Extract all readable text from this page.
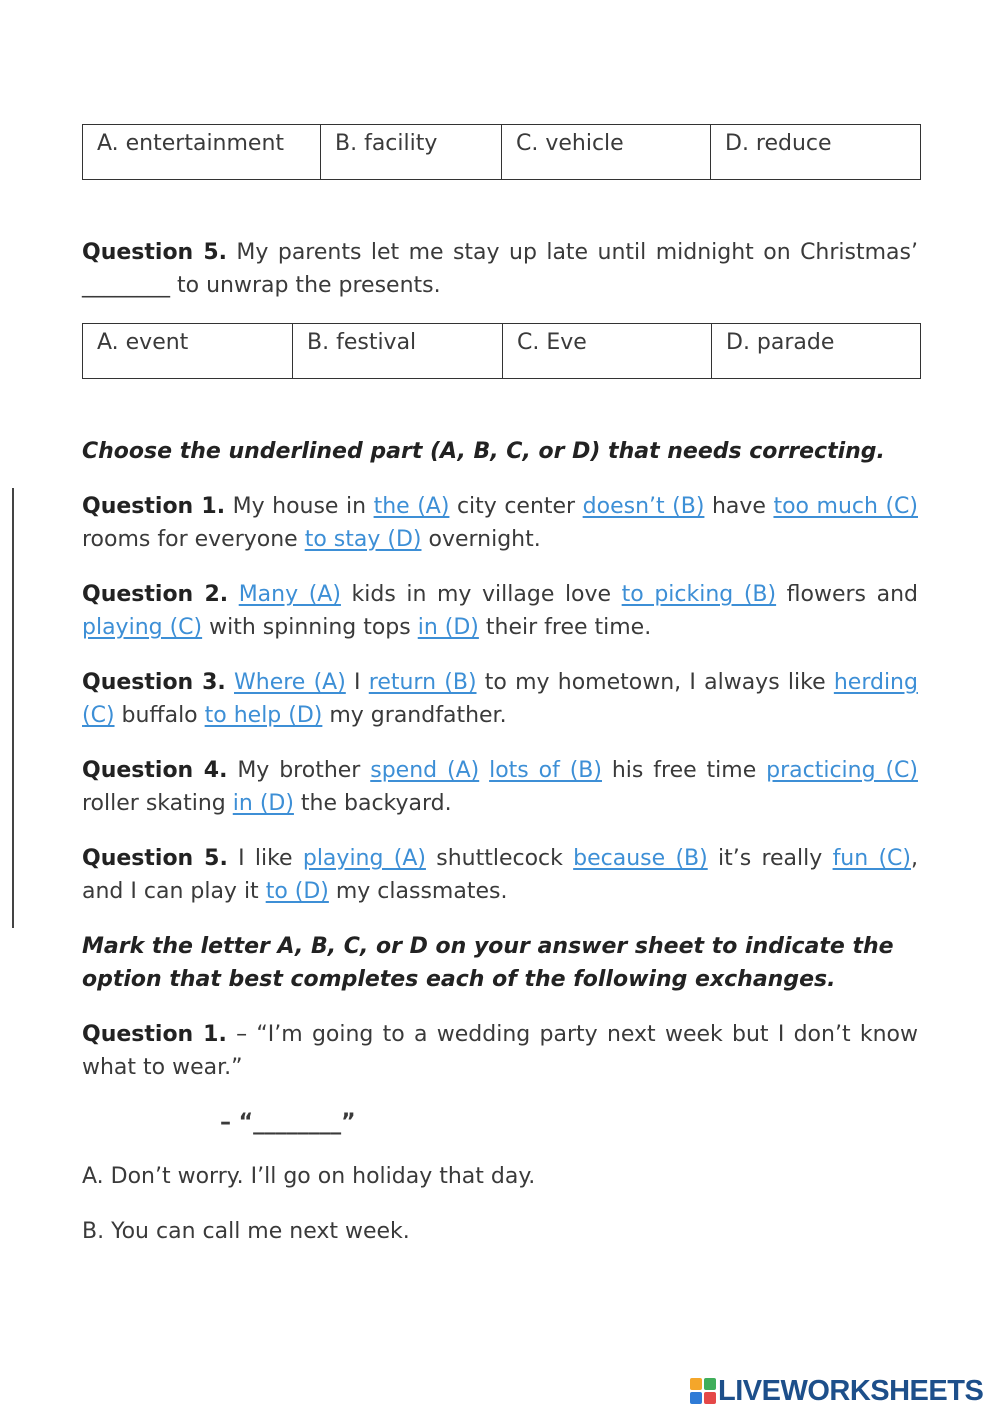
A. entertainment	B. facility	C. vehicle	D. reduce
Question 5. My parents let me stay up late until midnight on Christmas’ ________ to unwrap the presents.
A. event	B. festival	C. Eve	D. parade
Choose the underlined part (A, B, C, or D) that needs correcting.
Question 1. My house in the (A) city center doesn’t (B) have too much (C) rooms for everyone to stay (D) overnight.
Question 2. Many (A) kids in my village love to picking (B) flowers and playing (C) with spinning tops in (D) their free time.
Question 3. Where (A) I return (B) to my hometown, I always like herding (C) buffalo to help (D) my grandfather.
Question 4. My brother spend (A) lots of (B) his free time practicing (C) roller skating in (D) the backyard.
Question 5. I like playing (A) shuttlecock because (B) it’s really fun (C), and I can play it to (D) my classmates.
Mark the letter A, B, C, or D on your answer sheet to indicate the option that best completes each of the following exchanges.
Question 1. – “I’m going to a wedding party next week but I don’t know what to wear.”
– “________”
A. Don’t worry. I’ll go on holiday that day.
B. You can call me next week.
LIVEWORKSHEETS
